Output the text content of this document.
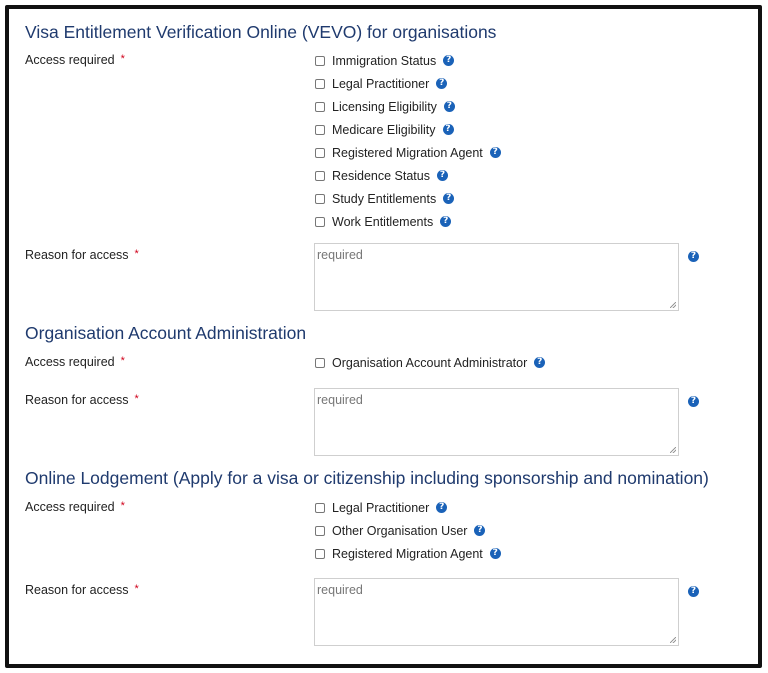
Visa Entitlement Verification Online (VEVO) for organisations
Access required *	Immigration Status	?
Legal Practitioner	?
Licensing Eligibility	?
Medicare Eligibility	?
Registered Migration Agent	?
Residence Status	?
Study Entitlements	?
Work Entitlements	?
Reason for access *	required	?
Organisation Account Administration
Access required *	Organisation Account Administrator	?
Reason for access *	required	?
Online Lodgement (Apply for a visa or citizenship including sponsorship and nomination)
Access required *	Legal Practitioner	?
Other Organisation User	?
Registered Migration Agent	?
Reason for access *	required	?
